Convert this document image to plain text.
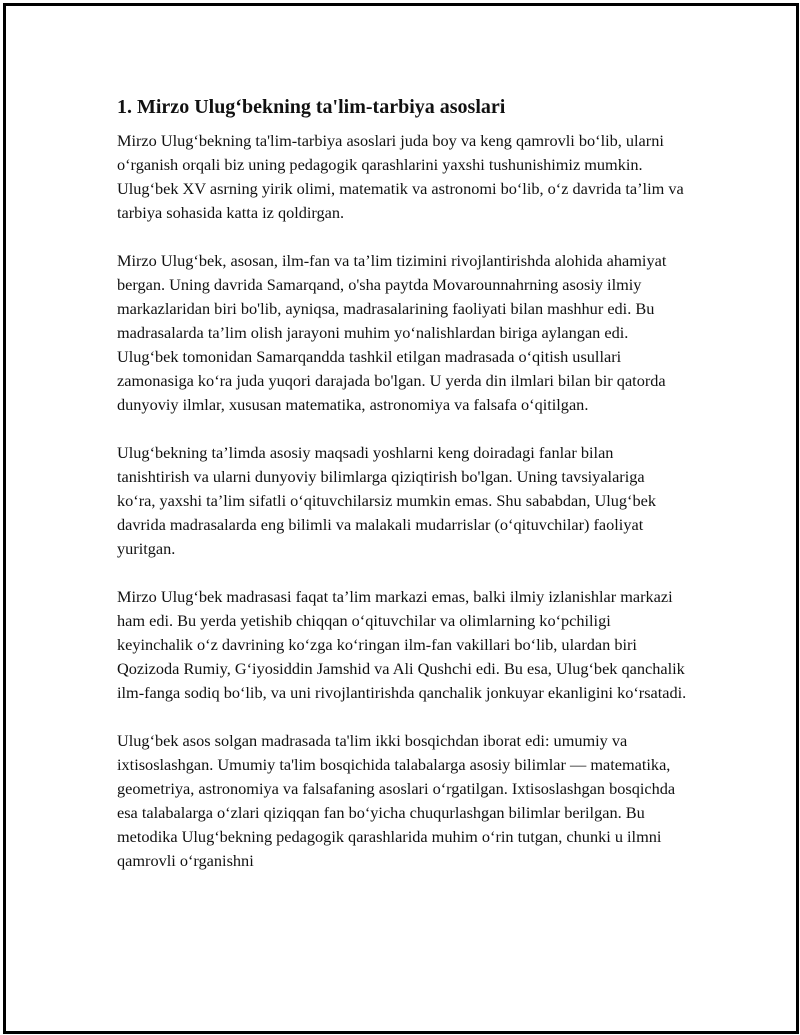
1. Mirzo Ulug‘bekning ta'lim-tarbiya asoslari

Mirzo Ulug‘bekning ta'lim-tarbiya asoslari juda boy va keng qamrovli bo‘lib, ularni o‘rganish orqali biz uning pedagogik qarashlarini yaxshi tushunishimiz mumkin. Ulug‘bek XV asrning yirik olimi, matematik va astronomi bo‘lib, o‘z davrida ta’lim va tarbiya sohasida katta iz qoldirgan.

Mirzo Ulug‘bek, asosan, ilm-fan va ta’lim tizimini rivojlantirishda alohida ahamiyat bergan. Uning davrida Samarqand, o'sha paytda Movarounnahrning asosiy ilmiy markazlaridan biri bo'lib, ayniqsa, madrasalarining faoliyati bilan mashhur edi. Bu madrasalarda ta’lim olish jarayoni muhim yo‘nalishlardan biriga aylangan edi. Ulug‘bek tomonidan Samarqandda tashkil etilgan madrasada o‘qitish usullari zamonasiga ko‘ra juda yuqori darajada bo'lgan. U yerda din ilmlari bilan bir qatorda dunyoviy ilmlar, xususan matematika, astronomiya va falsafa o‘qitilgan.

Ulug‘bekning ta’limda asosiy maqsadi yoshlarni keng doiradagi fanlar bilan tanishtirish va ularni dunyoviy bilimlarga qiziqtirish bo'lgan. Uning tavsiyalariga ko‘ra, yaxshi ta’lim sifatli o‘qituvchilarsiz mumkin emas. Shu sababdan, Ulug‘bek davrida madrasalarda eng bilimli va malakali mudarrislar (o‘qituvchilar) faoliyat yuritgan.

Mirzo Ulug‘bek madrasasi faqat ta’lim markazi emas, balki ilmiy izlanishlar markazi ham edi. Bu yerda yetishib chiqqan o‘qituvchilar va olimlarning ko‘pchiligi keyinchalik o‘z davrining ko‘zga ko‘ringan ilm-fan vakillari bo‘lib, ulardan biri Qozizoda Rumiy, G‘iyosiddin Jamshid va Ali Qushchi edi. Bu esa, Ulug‘bek qanchalik ilm-fanga sodiq bo‘lib, va uni rivojlantirishda qanchalik jonkuyar ekanligini ko‘rsatadi.

Ulug‘bek asos solgan madrasada ta'lim ikki bosqichdan iborat edi: umumiy va ixtisoslashgan. Umumiy ta'lim bosqichida talabalarga asosiy bilimlar — matematika, geometriya, astronomiya va falsafaning asoslari o‘rgatilgan. Ixtisoslashgan bosqichda esa talabalarga o‘zlari qiziqqan fan bo‘yicha chuqurlashgan bilimlar berilgan. Bu metodika Ulug‘bekning pedagogik qarashlarida muhim o‘rin tutgan, chunki u ilmni qamrovli o‘rganishni
